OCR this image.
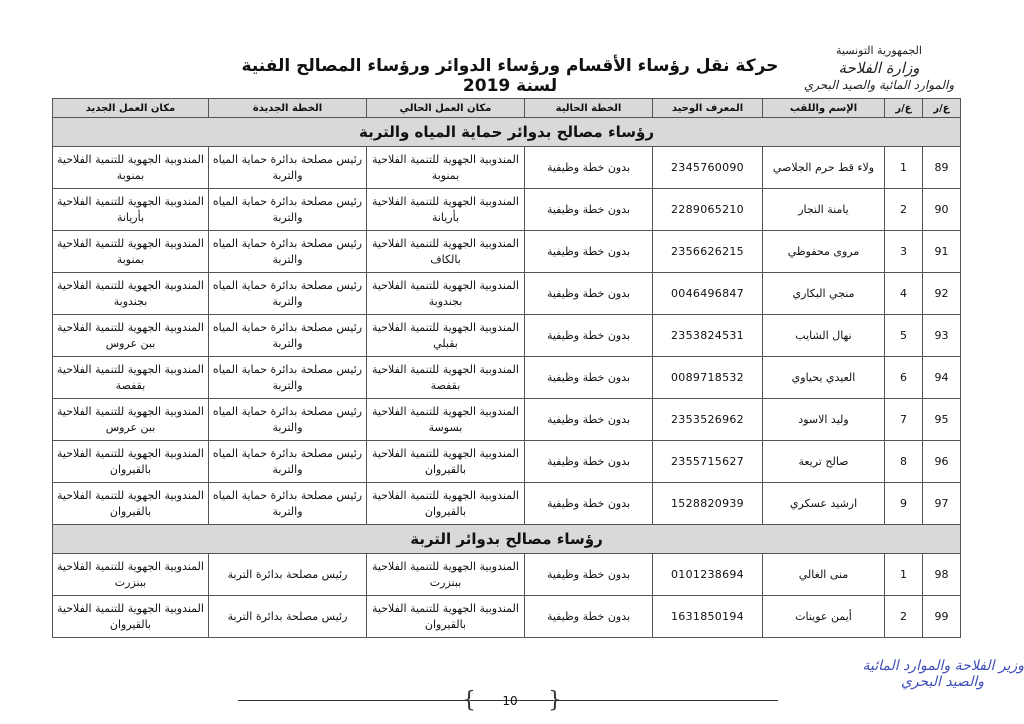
الجمهورية التونسية
وزارة الفلاحة
والموارد المائية والصيد البحري
حركة نقل رؤساء الأقسام ورؤساء الدوائر ورؤساء المصالح الفنية لسنة 2019
ع/ر	ع/ر	الإسم واللقب	المعرف الوحيد	الخطة الحالية	مكان العمل الحالي	الخطة الجديدة	مكان العمل الجديد
رؤساء مصالح بدوائر حماية المياه والتربة							
89	1	ولاء قط حرم الجلاصي	2345760090	بدون خطة وظيفية	المندوبية الجهوية للتنمية الفلاحية بمنوبة	رئيس مصلحة بدائرة حماية المياه والتربة	المندوبية الجهوية للتنمية الفلاحية بمنوبة
90	2	يامنة النجار	2289065210	بدون خطة وظيفية	المندوبية الجهوية للتنمية الفلاحية بأريانة	رئيس مصلحة بدائرة حماية المياه والتربة	المندوبية الجهوية للتنمية الفلاحية بأريانة
91	3	مروى محفوظي	2356626215	بدون خطة وظيفية	المندوبية الجهوية للتنمية الفلاحية بالكاف	رئيس مصلحة بدائرة حماية المياه والتربة	المندوبية الجهوية للتنمية الفلاحية بمنوبة
92	4	منجي البكاري	0046496847	بدون خطة وظيفية	المندوبية الجهوية للتنمية الفلاحية بجندوبة	رئيس مصلحة بدائرة حماية المياه والتربة	المندوبية الجهوية للتنمية الفلاحية بجندوبة
93	5	نهال الشايب	2353824531	بدون خطة وظيفية	المندوبية الجهوية للتنمية الفلاحية بقبلي	رئيس مصلحة بدائرة حماية المياه والتربة	المندوبية الجهوية للتنمية الفلاحية ببن عروس
94	6	العيدي يحياوي	0089718532	بدون خطة وظيفية	المندوبية الجهوية للتنمية الفلاحية بقفصة	رئيس مصلحة بدائرة حماية المياه والتربة	المندوبية الجهوية للتنمية الفلاحية بقفصة
95	7	وليد الاسود	2353526962	بدون خطة وظيفية	المندوبية الجهوية للتنمية الفلاحية بسوسة	رئيس مصلحة بدائرة حماية المياه والتربة	المندوبية الجهوية للتنمية الفلاحية ببن عروس
96	8	صالح تريعة	2355715627	بدون خطة وظيفية	المندوبية الجهوية للتنمية الفلاحية بالقيروان	رئيس مصلحة بدائرة حماية المياه والتربة	المندوبية الجهوية للتنمية الفلاحية بالقيروان
97	9	ارشيد عسكري	1528820939	بدون خطة وظيفية	المندوبية الجهوية للتنمية الفلاحية بالقيروان	رئيس مصلحة بدائرة حماية المياه والتربة	المندوبية الجهوية للتنمية الفلاحية بالقيروان
رؤساء مصالح بدوائر التربة							
98	1	منى الغالي	0101238694	بدون خطة وظيفية	المندوبية الجهوية للتنمية الفلاحية ببنزرت	رئيس مصلحة بدائرة التربة	المندوبية الجهوية للتنمية الفلاحية ببنزرت
99	2	أيمن عوينات	1631850194	بدون خطة وظيفية	المندوبية الجهوية للتنمية الفلاحية بالقيروان	رئيس مصلحة بدائرة التربة	المندوبية الجهوية للتنمية الفلاحية بالقيروان
{	10	}
وزير الفلاحة والموارد المائية
والصيد البحري
